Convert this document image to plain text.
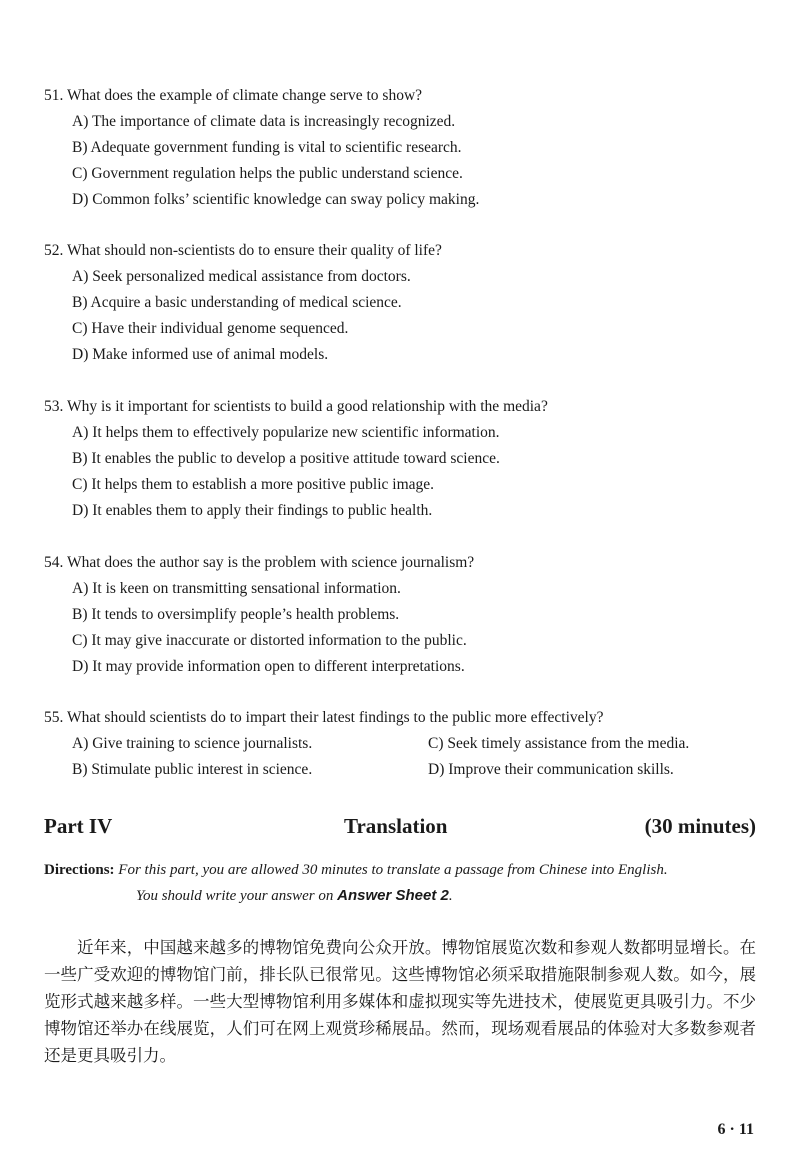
51. What does the example of climate change serve to show?
A) The importance of climate data is increasingly recognized.
B) Adequate government funding is vital to scientific research.
C) Government regulation helps the public understand science.
D) Common folks’ scientific knowledge can sway policy making.
52. What should non-scientists do to ensure their quality of life?
A) Seek personalized medical assistance from doctors.
B) Acquire a basic understanding of medical science.
C) Have their individual genome sequenced.
D) Make informed use of animal models.
53. Why is it important for scientists to build a good relationship with the media?
A) It helps them to effectively popularize new scientific information.
B) It enables the public to develop a positive attitude toward science.
C) It helps them to establish a more positive public image.
D) It enables them to apply their findings to public health.
54. What does the author say is the problem with science journalism?
A) It is keen on transmitting sensational information.
B) It tends to oversimplify people’s health problems.
C) It may give inaccurate or distorted information to the public.
D) It may provide information open to different interpretations.
55. What should scientists do to impart their latest findings to the public more effectively?
A) Give training to science journalists.	C) Seek timely assistance from the media.
B) Stimulate public interest in science.	D) Improve their communication skills.
Part IV	Translation	(30 minutes)
Directions: For this part, you are allowed 30 minutes to translate a passage from Chinese into English.
You should write your answer on Answer Sheet 2.
近年来，中国越来越多的博物馆免费向公众开放。博物馆展览次数和参观人数都明显增长。在一些广受欢迎的博物馆门前，排长队已很常见。这些博物馆必须采取措施限制参观人数。如今，展览形式越来越多样。一些大型博物馆利用多媒体和虚拟现实等先进技术，使展览更具吸引力。不少博物馆还举办在线展览，人们可在网上观赏珍稀展品。然而，现场观看展品的体验对大多数参观者还是更具吸引力。
6 · 11
